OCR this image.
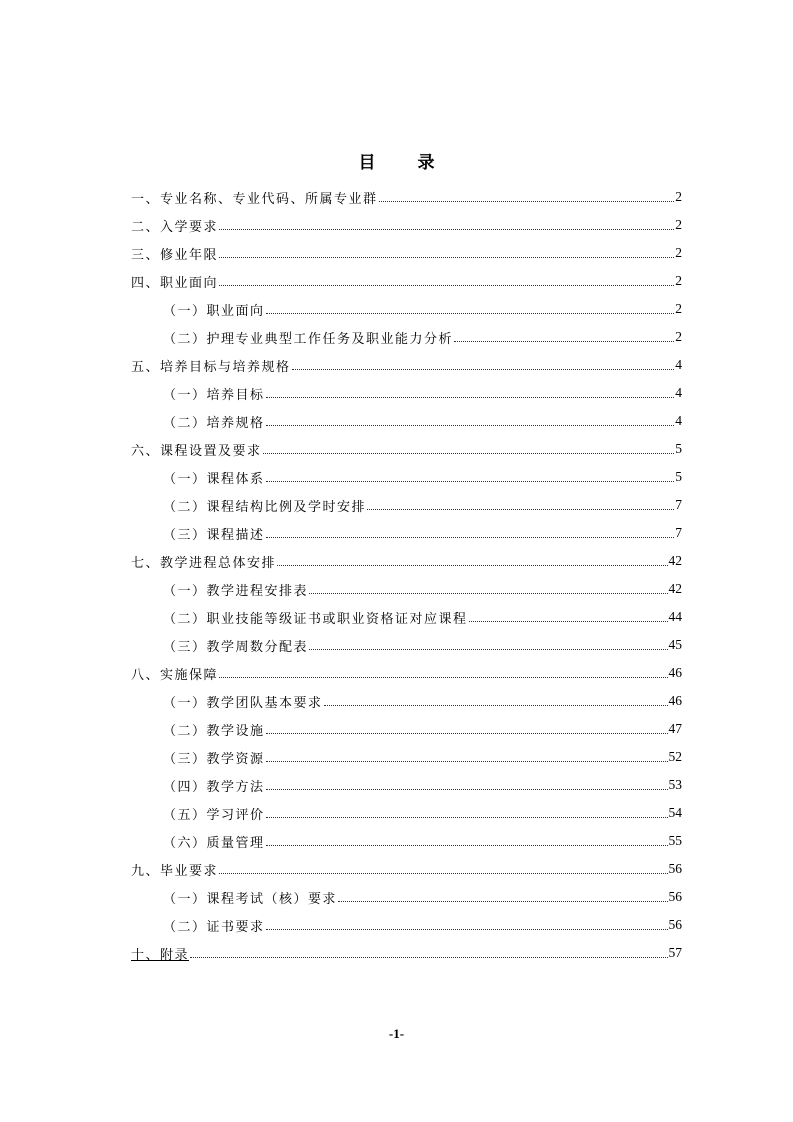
目 录
一、专业名称、专业代码、所属专业群	2
二、入学要求	2
三、修业年限	2
四、职业面向	2
（一）职业面向	2
（二）护理专业典型工作任务及职业能力分析	2
五、培养目标与培养规格	4
（一）培养目标	4
（二）培养规格	4
六、课程设置及要求	5
（一）课程体系	5
（二）课程结构比例及学时安排	7
（三）课程描述	7
七、教学进程总体安排	42
（一）教学进程安排表	42
（二）职业技能等级证书或职业资格证对应课程	44
（三）教学周数分配表	45
八、实施保障	46
（一）教学团队基本要求	46
（二）教学设施	47
（三）教学资源	52
（四）教学方法	53
（五）学习评价	54
（六）质量管理	55
九、毕业要求	56
（一）课程考试（核）要求	56
（二）证书要求	56
十、附录	57
-1-
